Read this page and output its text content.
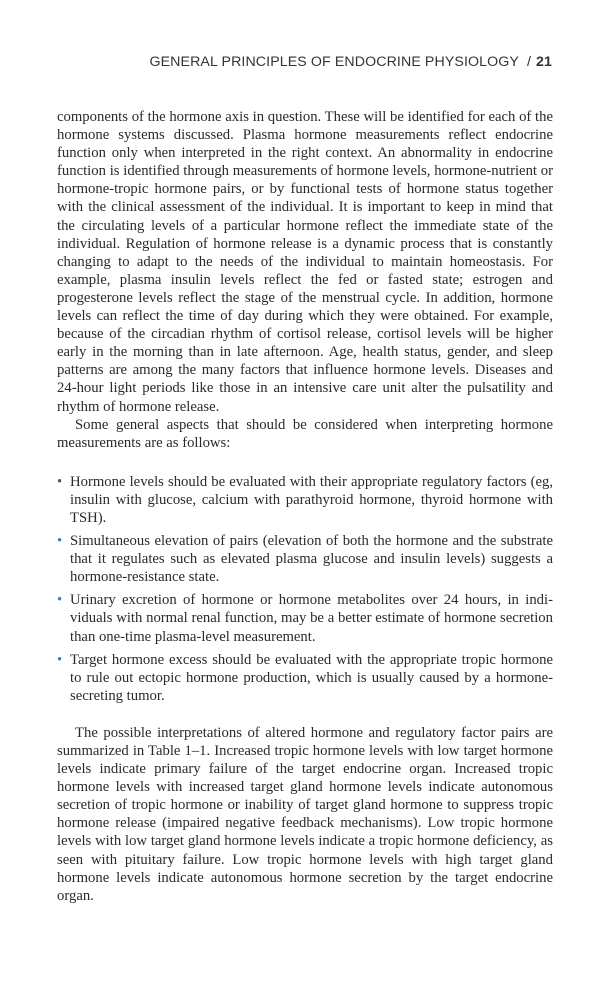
GENERAL PRINCIPLES OF ENDOCRINE PHYSIOLOGY / 21

components of the hormone axis in question. These will be identified for each of the hormone systems discussed. Plasma hormone measurements reflect endocrine function only when interpreted in the right context. An abnormality in endocrine function is identified through measurements of hormone levels, hormone-nutrient or hormone-tropic hormone pairs, or by functional tests of hormone status together with the clinical assessment of the individual. It is important to keep in mind that the circulating levels of a particular hormone reflect the immediate state of the individual. Regulation of hormone release is a dynamic process that is constantly changing to adapt to the needs of the individual to maintain homeostasis. For example, plasma insulin levels reflect the fed or fasted state; estrogen and progesterone levels reflect the stage of the menstrual cycle. In addition, hormone levels can reflect the time of day during which they were obtained. For example, because of the circadian rhythm of cortisol release, cortisol levels will be higher early in the morning than in late afternoon. Age, health status, gender, and sleep patterns are among the many factors that influence hormone levels. Diseases and 24-hour light periods like those in an intensive care unit alter the pulsatility and rhythm of hormone release.

Some general aspects that should be considered when interpreting hormone measurements are as follows:

• Hormone levels should be evaluated with their appropriate regulatory factors (eg, insulin with glucose, calcium with parathyroid hormone, thyroid hormone with TSH).
• Simultaneous elevation of pairs (elevation of both the hormone and the substrate that it regulates such as elevated plasma glucose and insulin levels) suggests a hormone-resistance state.
• Urinary excretion of hormone or hormone metabolites over 24 hours, in individuals with normal renal function, may be a better estimate of hormone secretion than one-time plasma-level measurement.
• Target hormone excess should be evaluated with the appropriate tropic hormone to rule out ectopic hormone production, which is usually caused by a hormone-secreting tumor.

The possible interpretations of altered hormone and regulatory factor pairs are summarized in Table 1–1. Increased tropic hormone levels with low target hormone levels indicate primary failure of the target endocrine organ. Increased tropic hormone levels with increased target gland hormone levels indicate autonomous secretion of tropic hormone or inability of target gland hormone to suppress tropic hormone release (impaired negative feedback mechanisms). Low tropic hormone levels with low target gland hormone levels indicate a tropic hormone deficiency, as seen with pituitary failure. Low tropic hormone levels with high target gland hormone levels indicate autonomous hormone secretion by the target endocrine organ.
